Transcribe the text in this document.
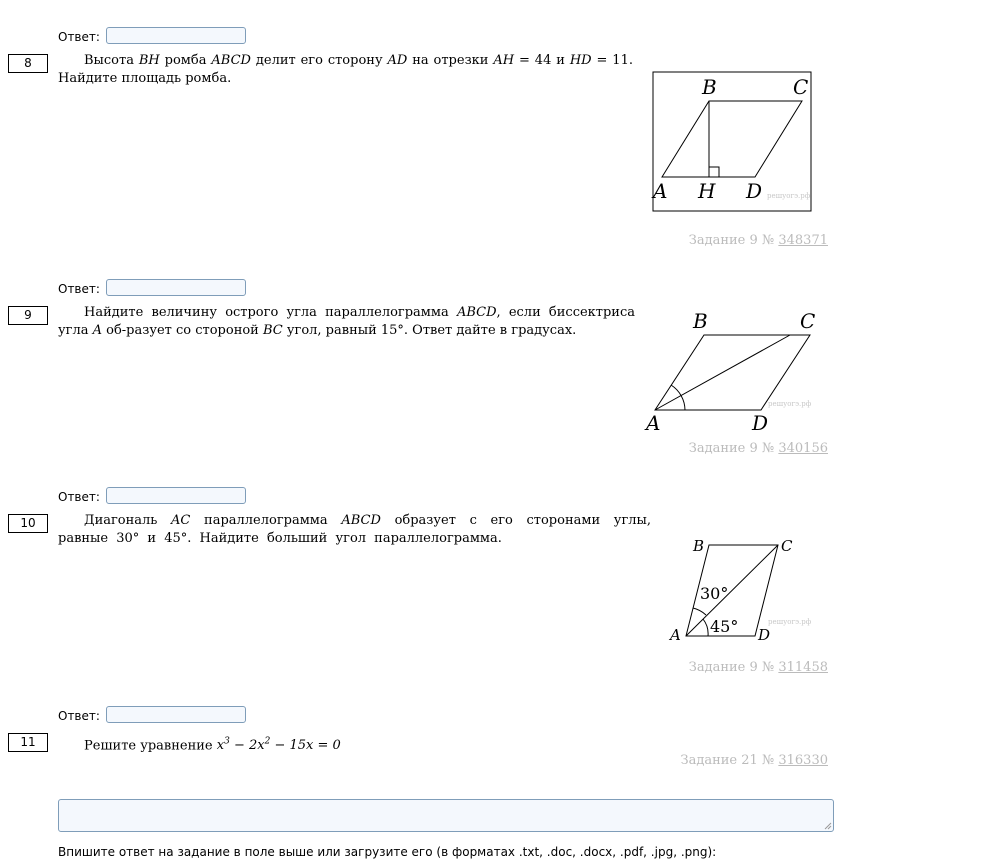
Ответ:
8	Высота BH ромба ABCD делит его сторону AD на отрезки AH = 44 и HD = 11. Найдите площадь ромба.	B	C
A H D решуогэ.рф
Задание 9 № 348371
Ответ:
9	Найдите величину острого угла параллелограмма ABCD, если биссектриса угла A об-разует со стороной BC угол, равный 15°. Ответ дайте в градусах.	B	C
A	D
решуогэ.рф
Задание 9 № 340156
Ответ:
10	Диагональ AC параллелограмма ABCD образует с его сторонами углы, равные 30° и 45°. Найдите больший угол параллелограмма.	B	C
A	D
30°
45°	решуогэ.рф
Задание 9 № 311458
Ответ:
11	Решите уравнение $x^3 - 2x^2 - 15x = 0$
Задание 21 № 316330
Впишите ответ на задание в поле выше или загрузите его (в форматах .txt, .doc, .docx, .pdf, .jpg, .png):
